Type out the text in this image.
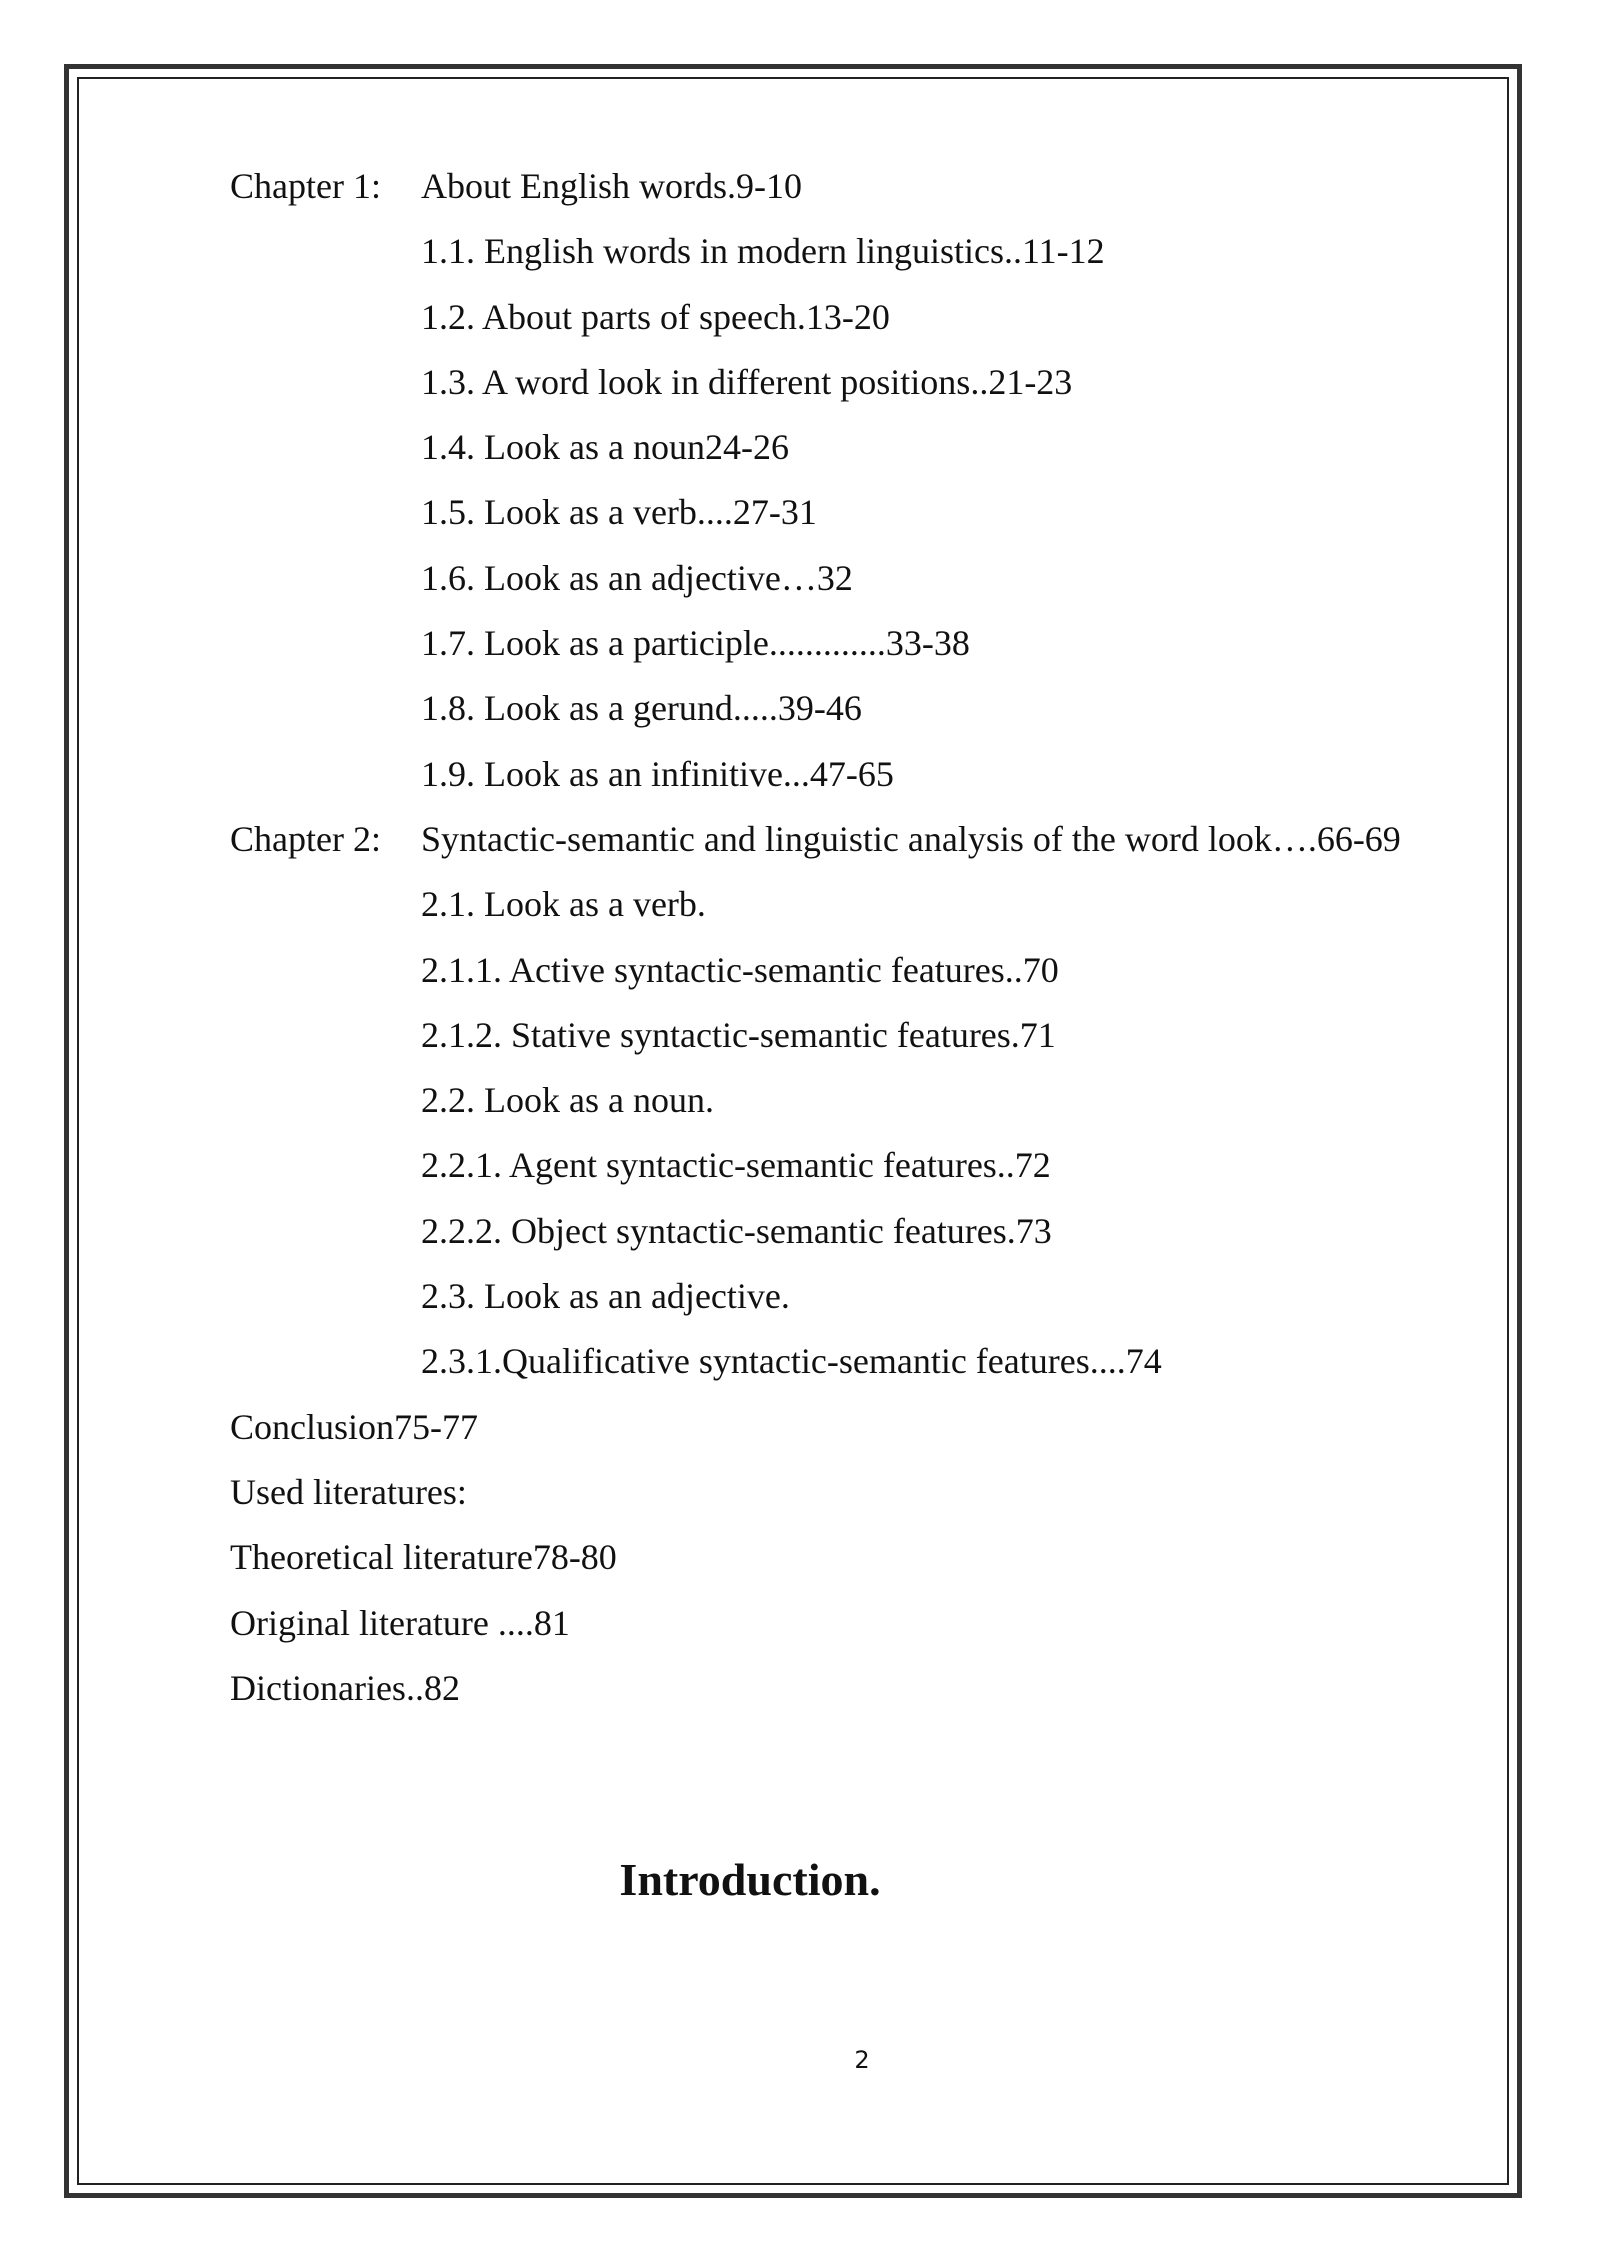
Chapter 1: About English words.9-10
1.1. English words in modern linguistics..11-12
1.2. About parts of speech.13-20
1.3. A word look in different positions..21-23
1.4. Look as a noun24-26
1.5. Look as a verb....27-31
1.6. Look as an adjective…32
1.7. Look as a participle.............33-38
1.8. Look as a gerund.....39-46
1.9. Look as an infinitive...47-65
Chapter 2: Syntactic-semantic and linguistic analysis of the word look….66-69
2.1. Look as a verb.
2.1.1. Active syntactic-semantic features..70
2.1.2. Stative syntactic-semantic features.71
2.2. Look as a noun.
2.2.1. Agent syntactic-semantic features..72
2.2.2. Object syntactic-semantic features.73
2.3. Look as an adjective.
2.3.1.Qualificative syntactic-semantic features....74
Conclusion75-77
Used literatures:
Theoretical literature78-80
Original literature ....81
Dictionaries..82
Introduction.
2
